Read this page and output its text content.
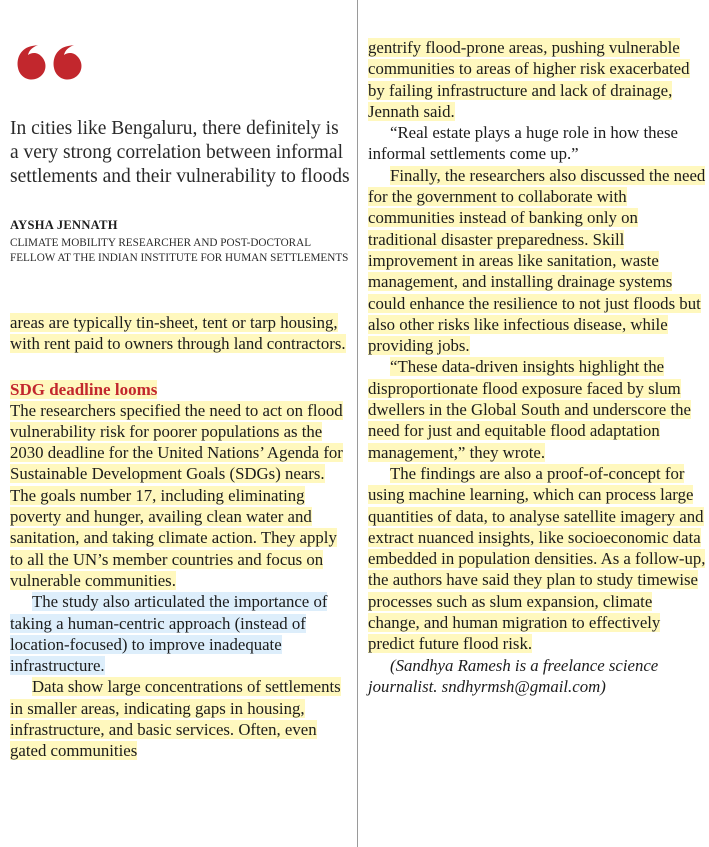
In cities like Bengaluru, there definitely is a very strong correlation between informal settlements and their vulnerability to floods

AYSHA JENNATH

CLIMATE MOBILITY RESEARCHER AND POST-DOCTORAL FELLOW AT THE INDIAN INSTITUTE FOR HUMAN SETTLEMENTS

areas are typically tin-sheet, tent or tarp housing, with rent paid to owners through land contractors.

SDG deadline looms

The researchers specified the need to act on flood vulnerability risk for poorer populations as the 2030 deadline for the United Nations’ Agenda for Sustainable Development Goals (SDGs) nears. The goals number 17, including eliminating poverty and hunger, availing clean water and sanitation, and taking climate action. They apply to all the UN’s member countries and focus on vulnerable communities.

The study also articulated the importance of taking a human-centric approach (instead of location-focused) to improve inadequate infrastructure.

Data show large concentrations of settlements in smaller areas, indicating gaps in housing, infrastructure, and basic services. Often, even gated communities

gentrify flood-prone areas, pushing vulnerable communities to areas of higher risk exacerbated by failing infrastructure and lack of drainage, Jennath said.

“Real estate plays a huge role in how these informal settlements come up.”

Finally, the researchers also discussed the need for the government to collaborate with communities instead of banking only on traditional disaster preparedness. Skill improvement in areas like sanitation, waste management, and installing drainage systems could enhance the resilience to not just floods but also other risks like infectious disease, while providing jobs.

“These data-driven insights highlight the disproportionate flood exposure faced by slum dwellers in the Global South and underscore the need for just and equitable flood adaptation management,” they wrote.

The findings are also a proof-of-concept for using machine learning, which can process large quantities of data, to analyse satellite imagery and extract nuanced insights, like socioeconomic data embedded in population densities. As a follow-up, the authors have said they plan to study timewise processes such as slum expansion, climate change, and human migration to effectively predict future flood risk.

(Sandhya Ramesh is a freelance science journalist. sndhyrmsh@gmail.com)
